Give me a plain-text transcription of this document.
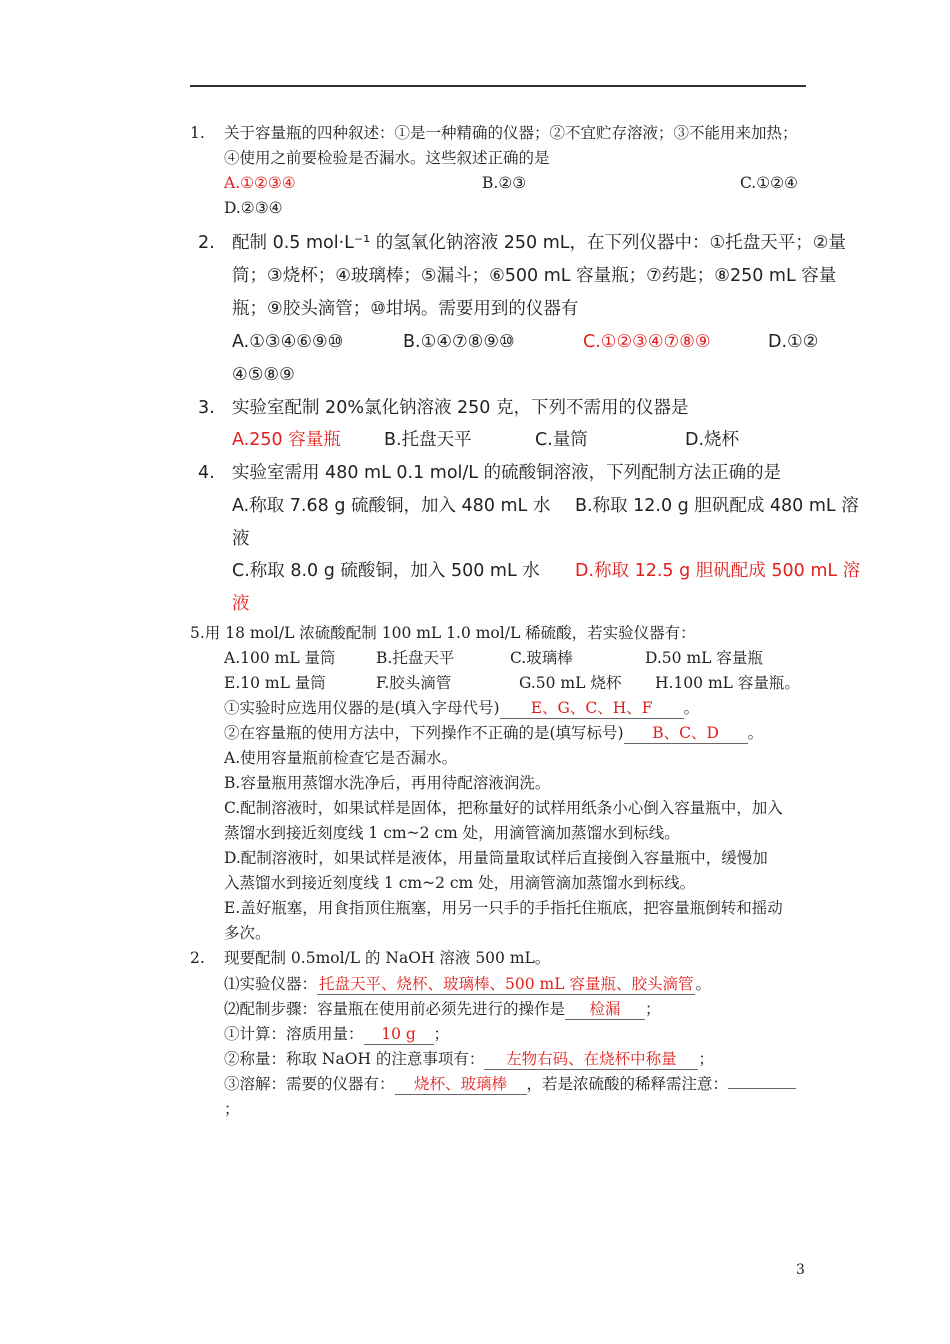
1. 关于容量瓶的四种叙述：①是一种精确的仪器；②不宜贮存溶液；③不能用来加热；
④使用之前要检验是否漏水。这些叙述正确的是
A.①②③④	B.②③	C.①②④
D.②③④
2. 配制 0.5 mol·L⁻¹ 的氢氧化钠溶液 250 mL，在下列仪器中：①托盘天平；②量
筒；③烧杯；④玻璃棒；⑤漏斗；⑥500 mL 容量瓶；⑦药匙；⑧250 mL 容量
瓶；⑨胶头滴管；⑩坩埚。需要用到的仪器有
A.①③④⑥⑨⑩	B.①④⑦⑧⑨⑩	C.①②③④⑦⑧⑨	D.①②
④⑤⑧⑨
3. 实验室配制 20%氯化钠溶液 250 克，下列不需用的仪器是
A.250 容量瓶 B.托盘天平	C.量筒	D.烧杯
4. 实验室需用 480 mL 0.1 mol/L 的硫酸铜溶液，下列配制方法正确的是
A.称取 7.68 g 硫酸铜，加入 480 mL 水 B.称取 12.0 g 胆矾配成 480 mL 溶
液
C.称取 8.0 g 硫酸铜，加入 500 mL 水 D.称取 12.5 g 胆矾配成 500 mL 溶
液
5.用 18 mol/L 浓硫酸配制 100 mL 1.0 mol/L 稀硫酸，若实验仪器有：
A.100 mL 量筒	B.托盘天平	C.玻璃棒	D.50 mL 容量瓶
E.10 mL 量筒	F.胶头滴管	G.50 mL 烧杯 H.100 mL 容量瓶。
①实验时应选用仪器的是(填入字母代号) E、G、C、H、F 。
②在容量瓶的使用方法中，下列操作不正确的是(填写标号) B、C、D 。
A.使用容量瓶前检查它是否漏水。
B.容量瓶用蒸馏水洗净后，再用待配溶液润洗。
C.配制溶液时，如果试样是固体，把称量好的试样用纸条小心倒入容量瓶中，加入
蒸馏水到接近刻度线 1 cm~2 cm 处，用滴管滴加蒸馏水到标线。
D.配制溶液时，如果试样是液体，用量筒量取试样后直接倒入容量瓶中，缓慢加
入蒸馏水到接近刻度线 1 cm~2 cm 处，用滴管滴加蒸馏水到标线。
E.盖好瓶塞，用食指顶住瓶塞，用另一只手的手指托住瓶底，把容量瓶倒转和摇动
多次。
2. 现要配制 0.5mol/L 的 NaOH 溶液 500 mL。
⑴实验仪器： 托盘天平、烧杯、玻璃棒、500 mL 容量瓶、胶头滴管 。
⑵配制步骤：容量瓶在使用前必须先进行的操作是 检漏 ；
①计算：溶质用量： 10 g ；
②称量：称取 NaOH 的注意事项有： 左物右码、在烧杯中称量 ；
③溶解：需要的仪器有： 烧杯、玻璃棒 ，若是浓硫酸的稀释需注意：
；
3
